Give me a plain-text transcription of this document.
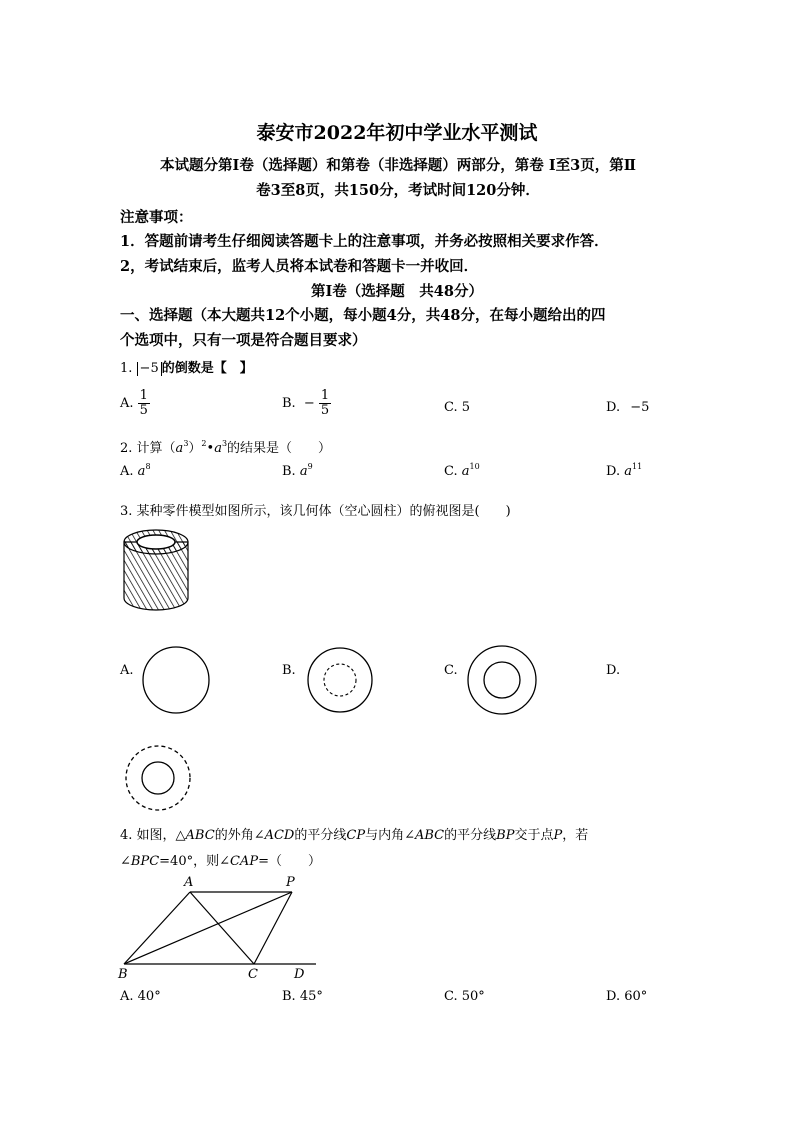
泰安市2022年初中学业水平测试
本试题分第Ⅰ卷（选择题）和第卷（非选择题）两部分，第卷 Ⅰ至3页，第Ⅱ
卷3至8页，共150分，考试时间120分钟．
注意事项：
1．答题前请考生仔细阅读答题卡上的注意事项，并务必按照相关要求作答．
2，考试结束后，监考人员将本试卷和答题卡一并收回．
第Ⅰ卷（选择题　共48分）
一、选择题（本大题共12个小题，每小题4分，共48分，在每小题给出的四
个选项中，只有一项是符合题目要求）
1. −5 的倒数是【　】
A. $\frac{1}{5}$	B. − $\frac{1}{5}$	C. 5	D. −5
2. 计算$(a^3)^2•a^3$的结果是（　　）
A. $a^8$	B. $a^9$	C. $a^{10}$	D. $a^{11}$
3. 某种零件模型如图所示，该几何体（空心圆柱）的俯视图是(　　)
A.	B.	C.	D.
4. 如图，△ABC的外角∠ACD的平分线CP与内角∠ABC的平分线BP交于点P，若
∠BPC=40°，则∠CAP=（　　）
A	P
B	C	D
A. 40°	B. 45°	C. 50°	D. 60°
